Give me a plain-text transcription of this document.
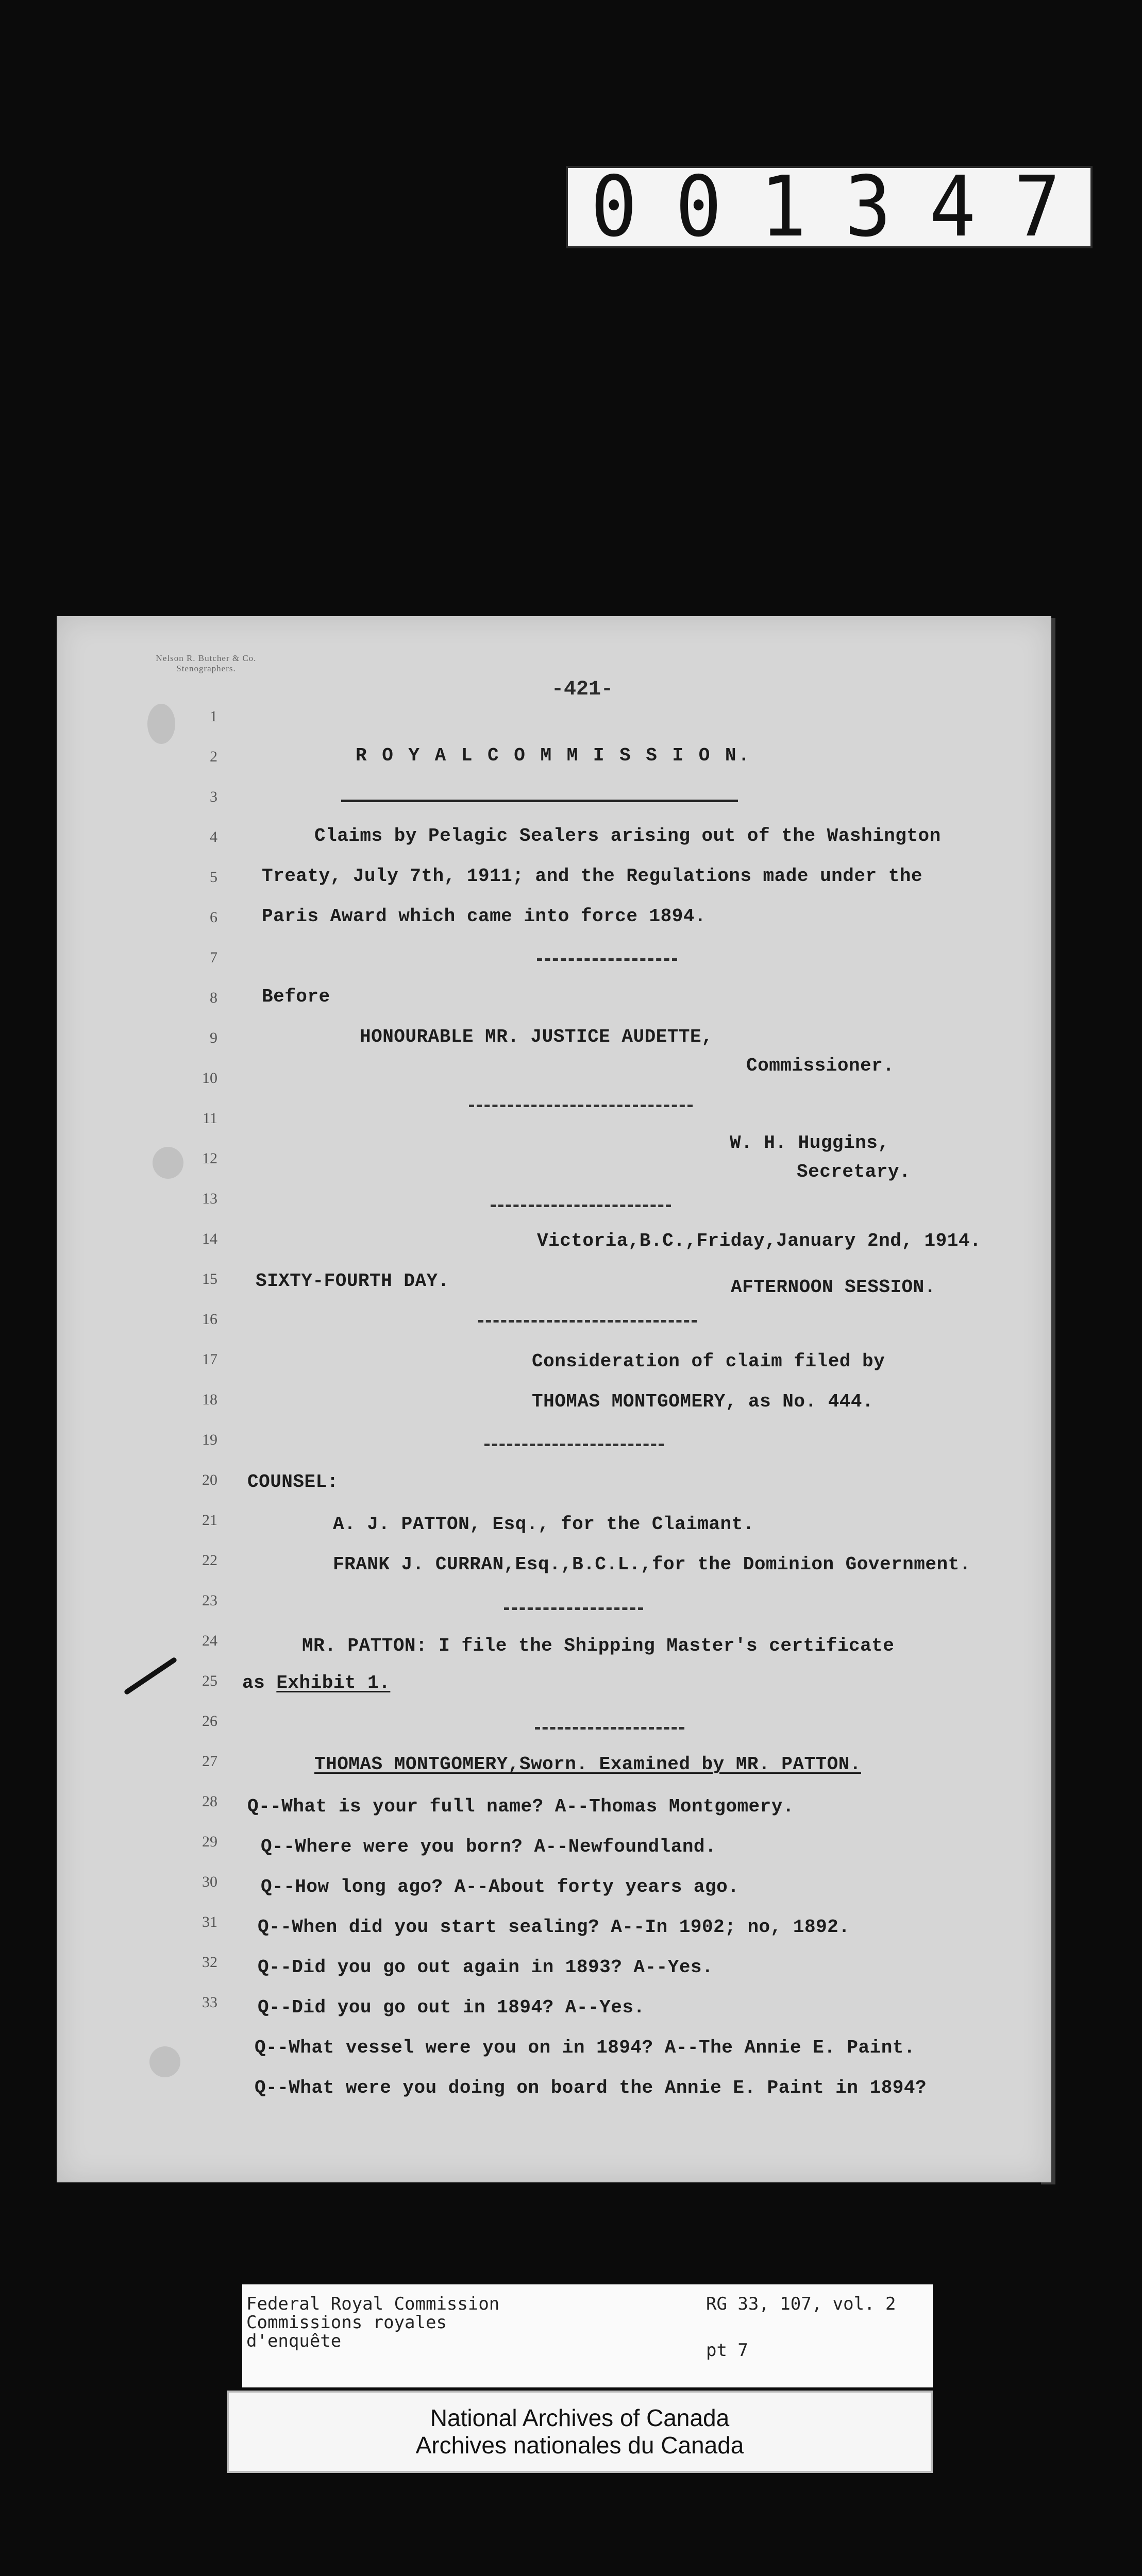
001347
Nelson R. Butcher & Co.
Stenographers.
-421-
1
2
3
4
5
6
7
8
9
10
11
12
13
14
15
16
17
18
19
20
21
22
23
24
25
26
27
28
29
30
31
32
33
R O Y A L C O M M I S S I O N.
Claims by Pelagic Sealers arising out of the Washington
Treaty, July 7th, 1911; and the Regulations made under the
Paris Award which came into force 1894.
Before
HONOURABLE MR. JUSTICE AUDETTE,
Commissioner.
W. H. Huggins,
Secretary.
Victoria,B.C.,Friday,January 2nd, 1914.
SIXTY-FOURTH DAY.	AFTERNOON SESSION.
Consideration of claim filed by
THOMAS MONTGOMERY, as No. 444.
COUNSEL:
A. J. PATTON, Esq., for the Claimant.
FRANK J. CURRAN,Esq.,B.C.L.,for the Dominion Government.
MR. PATTON: I file the Shipping Master's certificate
as Exhibit 1.
THOMAS MONTGOMERY,Sworn. Examined by MR. PATTON.
Q--What is your full name? A--Thomas Montgomery.
Q--Where were you born? A--Newfoundland.
Q--How long ago? A--About forty years ago.
Q--When did you start sealing? A--In 1902; no, 1892.
Q--Did you go out again in 1893? A--Yes.
Q--Did you go out in 1894? A--Yes.
Q--What vessel were you on in 1894? A--The Annie E. Paint.
Q--What were you doing on board the Annie E. Paint in 1894?
Federal Royal Commission
Commissions royales
d'enquête
RG 33, 107, vol. 2
pt 7
National Archives of Canada
Archives nationales du Canada
